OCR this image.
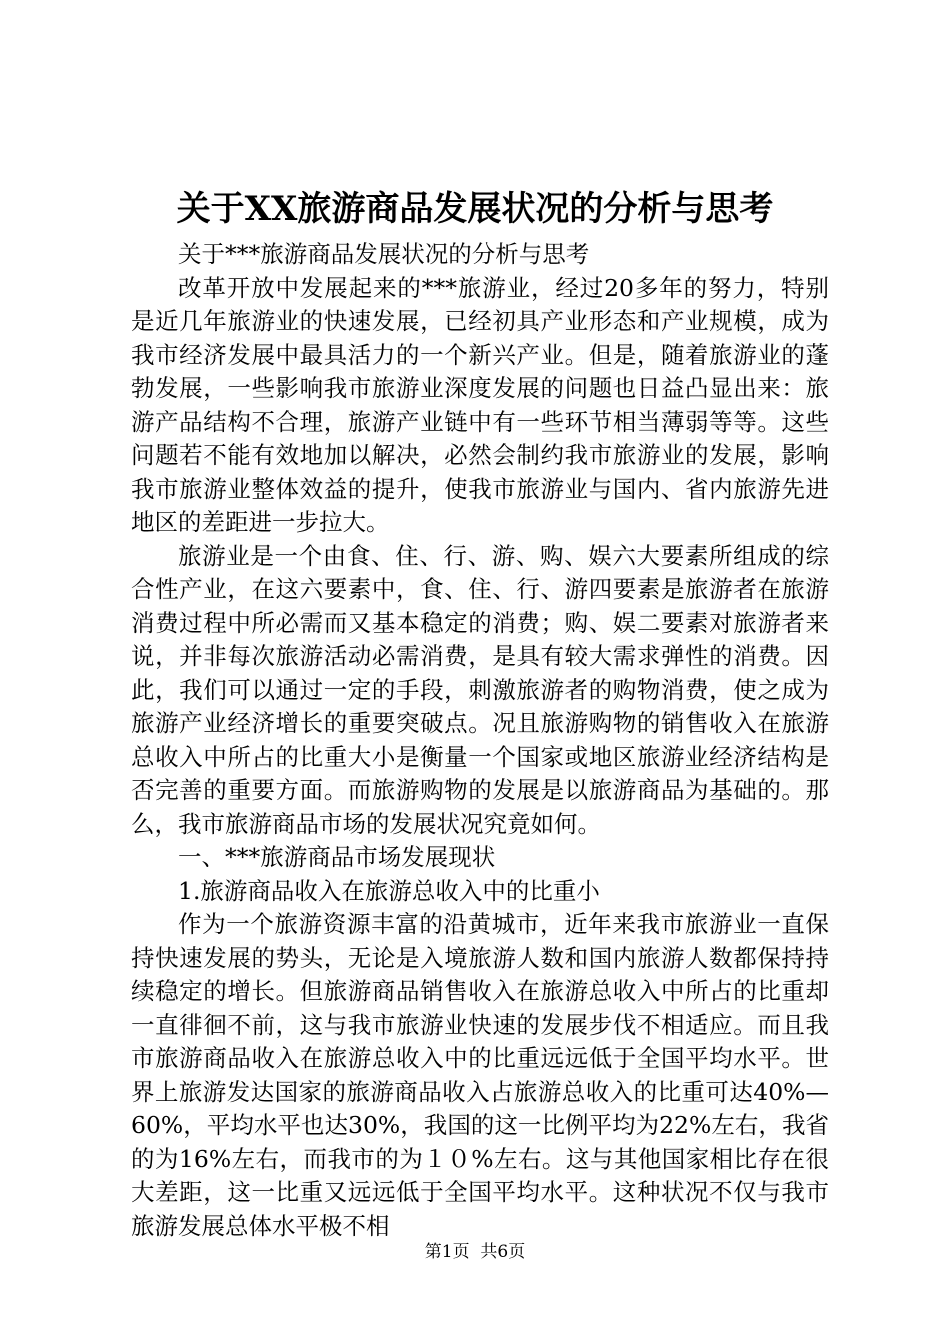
关于XX旅游商品发展状况的分析与思考

关于***旅游商品发展状况的分析与思考

改革开放中发展起来的***旅游业，经过20多年的努力，特别是近几年旅游业的快速发展，已经初具产业形态和产业规模，成为我市经济发展中最具活力的一个新兴产业。但是，随着旅游业的蓬勃发展，一些影响我市旅游业深度发展的问题也日益凸显出来：旅游产品结构不合理，旅游产业链中有一些环节相当薄弱等等。这些问题若不能有效地加以解决，必然会制约我市旅游业的发展，影响我市旅游业整体效益的提升，使我市旅游业与国内、省内旅游先进地区的差距进一步拉大。

旅游业是一个由食、住、行、游、购、娱六大要素所组成的综合性产业，在这六要素中，食、住、行、游四要素是旅游者在旅游消费过程中所必需而又基本稳定的消费；购、娱二要素对旅游者来说，并非每次旅游活动必需消费，是具有较大需求弹性的消费。因此，我们可以通过一定的手段，刺激旅游者的购物消费，使之成为旅游产业经济增长的重要突破点。况且旅游购物的销售收入在旅游总收入中所占的比重大小是衡量一个国家或地区旅游业经济结构是否完善的重要方面。而旅游购物的发展是以旅游商品为基础的。那么，我市旅游商品市场的发展状况究竟如何。

一、***旅游商品市场发展现状

1.旅游商品收入在旅游总收入中的比重小

作为一个旅游资源丰富的沿黄城市，近年来我市旅游业一直保持快速发展的势头，无论是入境旅游人数和国内旅游人数都保持持续稳定的增长。但旅游商品销售收入在旅游总收入中所占的比重却一直徘徊不前，这与我市旅游业快速的发展步伐不相适应。而且我市旅游商品收入在旅游总收入中的比重远远低于全国平均水平。世界上旅游发达国家的旅游商品收入占旅游总收入的比重可达40%—60%，平均水平也达30%，我国的这一比例平均为22%左右，我省的为16%左右，而我市的为１０%左右。这与其他国家相比存在很大差距，这一比重又远远低于全国平均水平。这种状况不仅与我市旅游发展总体水平极不相

第1页 共6页
